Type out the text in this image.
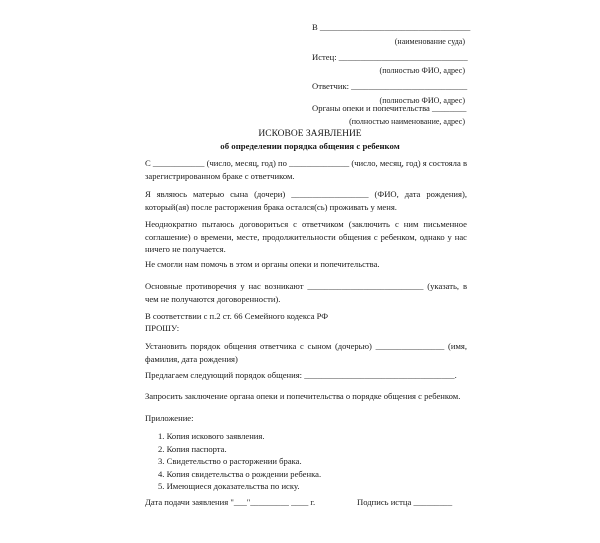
В ___________________________________
(наименование суда)
Истец: ______________________________
(полностью ФИО, адрес)
Ответчик: ___________________________
(полностью ФИО, адрес)
Органы опеки и попечительства ________
(полностью наименование, адрес)
ИСКОВОЕ ЗАЯВЛЕНИЕ
об определении порядка общения с ребенком
С ____________ (число, месяц, год) по ______________ (число, месяц, год) я состояла в зарегистрированном браке с ответчиком.
Я являюсь матерью сына (дочери) __________________ (ФИО, дата рождения), который(ая) после расторжения брака остался(сь) проживать у меня.
Неоднократно пытаюсь договориться с ответчиком (заключить с ним письменное соглашение) о времени, месте, продолжительности общения с ребенком, однако у нас ничего не получается.
Не смогли нам помочь в этом и органы опеки и попечительства.
Основные противоречия у нас возникают ___________________________ (указать, в чем не получаются договоренности).
В соответствии с п.2 ст. 66 Семейного кодекса РФ
ПРОШУ:
Установить порядок общения ответчика с сыном (дочерью) ________________ (имя, фамилия, дата рождения)
Предлагаем следующий порядок общения: ___________________________________.
Запросить заключение органа опеки и попечительства о порядке общения с ребенком.
Приложение:
1. Копия искового заявления.
2. Копия паспорта.
3. Свидетельство о расторжении брака.
4. Копия свидетельства о рождении ребенка.
5. Имеющиеся доказательства по иску.
Дата подачи заявления "___"_________ ____ г.	Подпись истца _________
